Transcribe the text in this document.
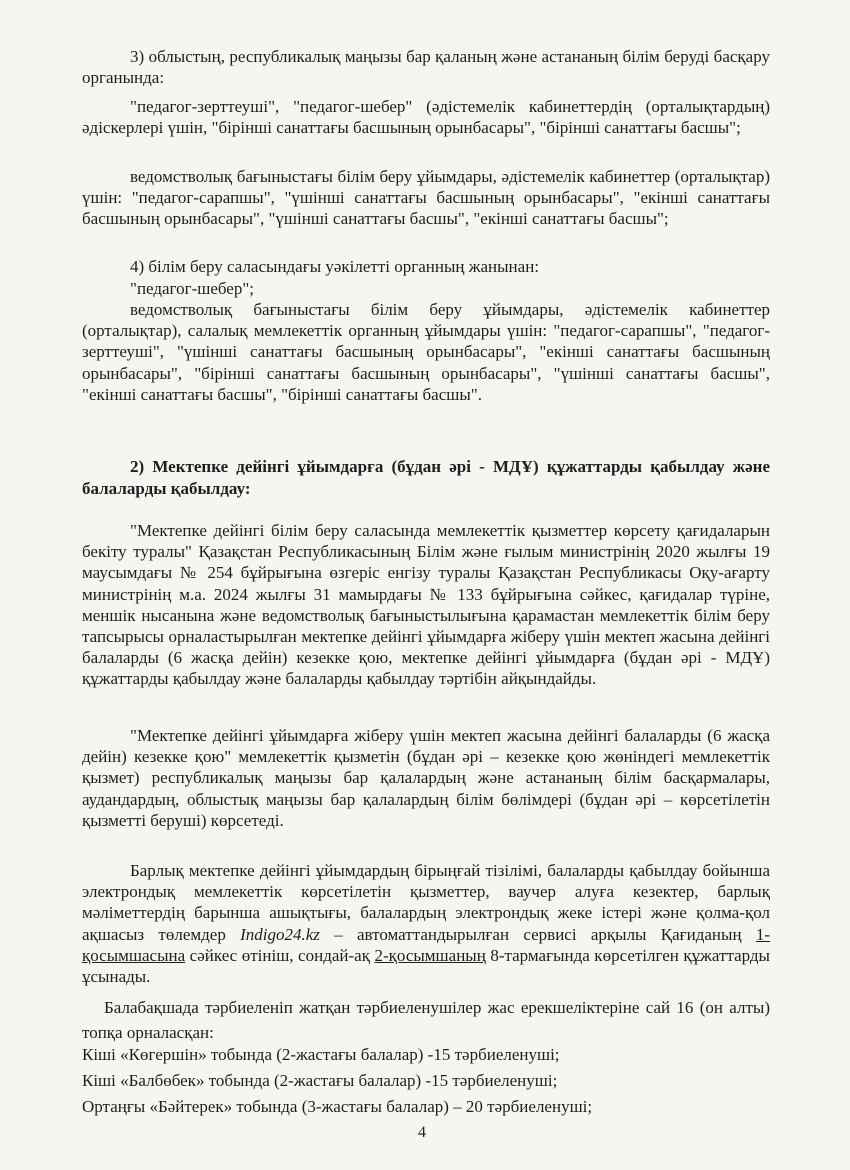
3) облыстың, республикалық маңызы бар қаланың және астананың білім беруді басқару органында:

"педагог-зерттеуші", "педагог-шебер" (әдістемелік кабинеттердің (орталықтардың) әдіскерлері үшін, "бірінші санаттағы басшының орынбасары", "бірінші санаттағы басшы";

ведомстволық бағыныстағы білім беру ұйымдары, әдістемелік кабинеттер (орталықтар) үшін: "педагог-сарапшы", "үшінші санаттағы басшының орынбасары", "екінші санаттағы басшының орынбасары", "үшінші санаттағы басшы", "екінші санаттағы басшы";

4) білім беру саласындағы уәкілетті органның жанынан:

"педагог-шебер";

ведомстволық бағыныстағы білім беру ұйымдары, әдістемелік кабинеттер (орталықтар), салалық мемлекеттік органның ұйымдары үшін: "педагог-сарапшы", "педагог-зерттеуші", "үшінші санаттағы басшының орынбасары", "екінші санаттағы басшының орынбасары", "бірінші санаттағы басшының орынбасары", "үшінші санаттағы басшы", "екінші санаттағы басшы", "бірінші санаттағы басшы".

2) Мектепке дейінгі ұйымдарға (бұдан әрі - МДҰ) құжаттарды қабылдау және балаларды қабылдау:

"Мектепке дейінгі білім беру саласында мемлекеттік қызметтер көрсету қағидаларын бекіту туралы" Қазақстан Республикасының Білім және ғылым министрінің 2020 жылғы 19 маусымдағы № 254 бұйрығына өзгеріс енгізу туралы Қазақстан Республикасы Оқу-ағарту министрінің м.а. 2024 жылғы 31 мамырдағы № 133 бұйрығына сәйкес, қағидалар түріне, меншік нысанына және ведомстволық бағыныстылығына қарамастан мемлекеттік білім беру тапсырысы орналастырылған мектепке дейінгі ұйымдарға жіберу үшін мектеп жасына дейінгі балаларды (6 жасқа дейін) кезекке қою, мектепке дейінгі ұйымдарға (бұдан әрі - МДҰ) құжаттарды қабылдау және балаларды қабылдау тәртібін айқындайды.

"Мектепке дейінгі ұйымдарға жіберу үшін мектеп жасына дейінгі балаларды (6 жасқа дейін) кезекке қою" мемлекеттік қызметін (бұдан әрі – кезекке қою жөніндегі мемлекеттік қызмет) республикалық маңызы бар қалалардың және астананың білім басқармалары, аудандардың, облыстық маңызы бар қалалардың білім бөлімдері (бұдан әрі – көрсетілетін қызметті беруші) көрсетеді.

Барлық мектепке дейінгі ұйымдардың бірыңғай тізілімі, балаларды қабылдау бойынша электрондық мемлекеттік көрсетілетін қызметтер, ваучер алуға кезектер, барлық мәліметтердің барынша ашықтығы, балалардың электрондық жеке істері және қолма-қол ақшасыз төлемдер Indigo24.kz – автоматтандырылған сервисі арқылы Қағиданың 1-қосымшасына сәйкес өтініш, сондай-ақ 2-қосымшаның 8-тармағында көрсетілген құжаттарды ұсынады.

Балабақшада тәрбиеленіп жатқан тәрбиеленушілер жас ерекшеліктеріне сай 16 (он алты) топқа орналасқан:

Кіші «Көгершін» тобында (2-жастағы балалар) -15 тәрбиеленуші;

Кіші «Балбөбек» тобында (2-жастағы балалар) -15 тәрбиеленуші;

Ортаңғы «Бәйтерек» тобында (3-жастағы балалар) – 20 тәрбиеленуші;

4
